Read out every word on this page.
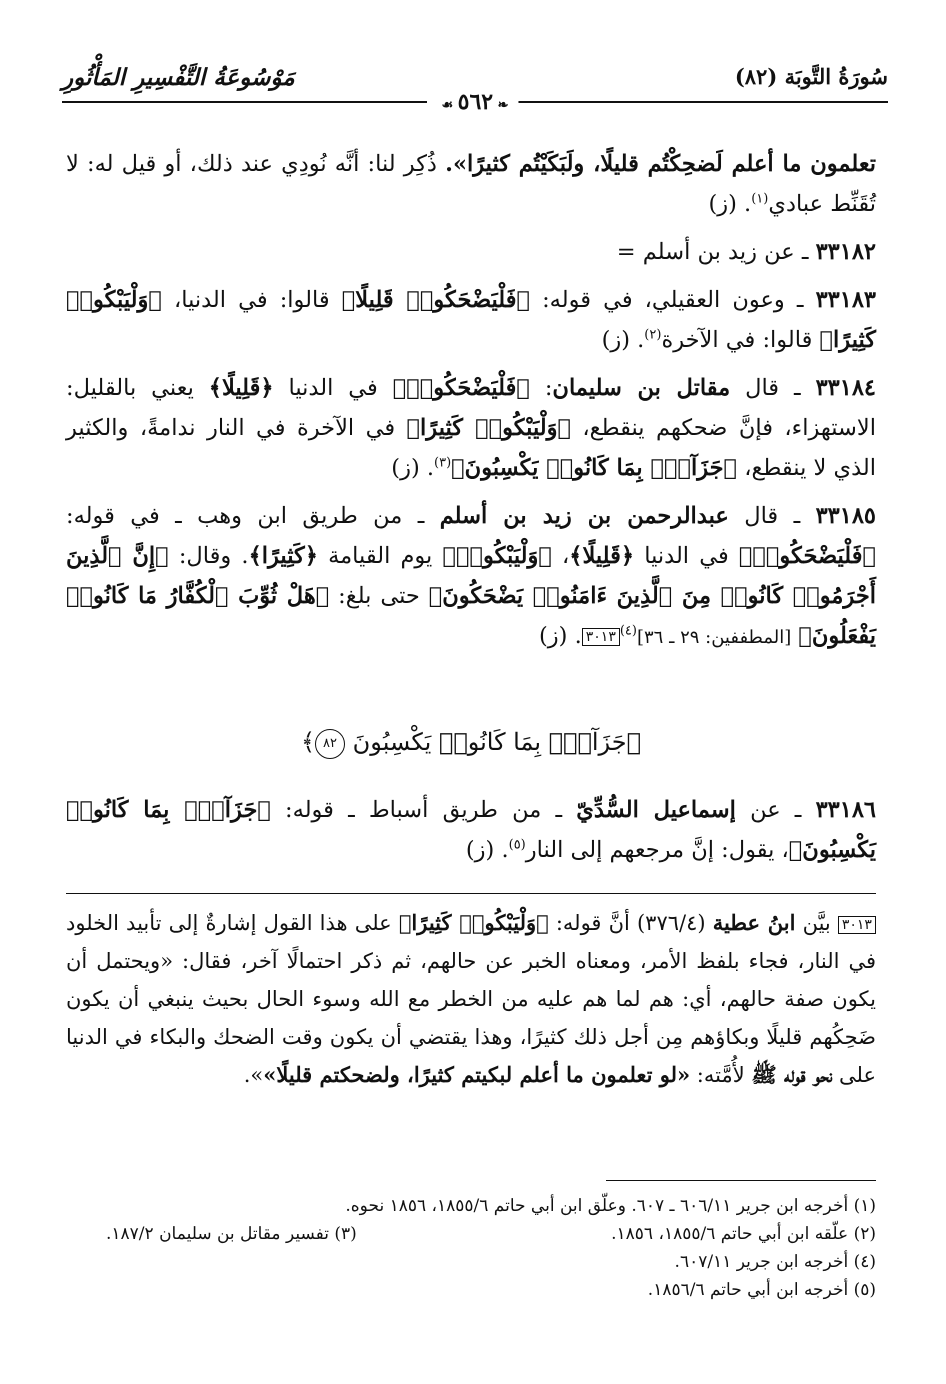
سُورَةُ التَّوبَة (٨٢)
مَوْسُوعَةُ التَّفْسِيرِ المَأْثُورِ
❧ ٥٦٢ ☙

تعلمون ما أعلم لَضحِكْتُم قليلًا، ولَبَكَيْتُم كثيرًا». ذُكِر لنا: أنَّه نُودِي عند ذلك، أو قيل له: لا تُقَنِّط عبادي$^{(١)}$. (ز)

٣٣١٨٢ ـ عن زيد بن أسلم =

٣٣١٨٣ ـ وعون العقيلي، في قوله: ﴿فَلْيَضْحَكُوا۟ قَلِيلًا﴾ قالوا: في الدنيا، ﴿وَلْيَبْكُوا۟ كَثِيرًا﴾ قالوا: في الآخرة$^{(٢)}$. (ز)

٣٣١٨٤ ـ قال مقاتل بن سليمان: ﴿فَلْيَضْحَكُوا۟﴾ في الدنيا ﴿قَلِيلًا﴾ يعني بالقليل: الاستهزاء، فإنَّ ضحكهم ينقطع، ﴿وَلْيَبْكُوا۟ كَثِيرًا﴾ في الآخرة في النار ندامةً، والكثير الذي لا ينقطع، ﴿جَزَآءًۢ بِمَا كَانُوا۟ يَكْسِبُونَ﴾$^{(٣)}$. (ز)

٣٣١٨٥ ـ قال عبدالرحمن بن زيد بن أسلم ـ من طريق ابن وهب ـ في قوله: ﴿فَلْيَضْحَكُوا۟﴾ في الدنيا ﴿قَلِيلًا﴾، ﴿وَلْيَبْكُوا۟﴾ يوم القيامة ﴿كَثِيرًا﴾. وقال: ﴿إِنَّ ٱلَّذِينَ أَجْرَمُوا۟ كَانُوا۟ مِنَ ٱلَّذِينَ ءَامَنُوا۟ يَضْحَكُونَ﴾ حتى بلغ: ﴿هَلْ ثُوِّبَ ٱلْكُفَّارُ مَا كَانُوا۟ يَفْعَلُونَ﴾ [المطففين: ٢٩ ـ ٣٦]$^{(٤)}$٣٠١٣. (ز)

﴿جَزَآءًۢ بِمَا كَانُوا۟ يَكْسِبُونَ ٨٢﴾

٣٣١٨٦ ـ عن إسماعيل السُّدِّيّ ـ من طريق أسباط ـ قوله: ﴿جَزَآءًۢ بِمَا كَانُوا۟ يَكْسِبُونَ﴾، يقول: إنَّ مرجعهم إلى النار$^{(٥)}$. (ز)

٣٠١٣ بيَّن ابنُ عطية (٣٧٦/٤) أنَّ قوله: ﴿وَلْيَبْكُوا۟ كَثِيرًا﴾ على هذا القول إشارةٌ إلى تأبيد الخلود في النار، فجاء بلفظ الأمر، ومعناه الخبر عن حالهم، ثم ذكر احتمالًا آخر، فقال: «ويحتمل أن يكون صفة حالهم، أي: هم لما هم عليه من الخطر مع الله وسوء الحال بحيث ينبغي أن يكون ضَحِكُهم قليلًا وبكاؤهم مِن أجل ذلك كثيرًا، وهذا يقتضي أن يكون وقت الضحك والبكاء في الدنيا على نحو قوله ﷺ لأُمَّته: «لو تعلمون ما أعلم لبكيتم كثيرًا، ولضحكتم قليلًا»».
(١) أخرجه ابن جرير ٦٠٦/١١ ـ ٦٠٧. وعلّق ابن أبي حاتم ١٨٥٥/٦، ١٨٥٦ نحوه.
(٢) علّقه ابن أبي حاتم ١٨٥٥/٦، ١٨٥٦.
(٣) تفسير مقاتل بن سليمان ١٨٧/٢.
(٤) أخرجه ابن جرير ٦٠٧/١١.
(٥) أخرجه ابن أبي حاتم ١٨٥٦/٦.
